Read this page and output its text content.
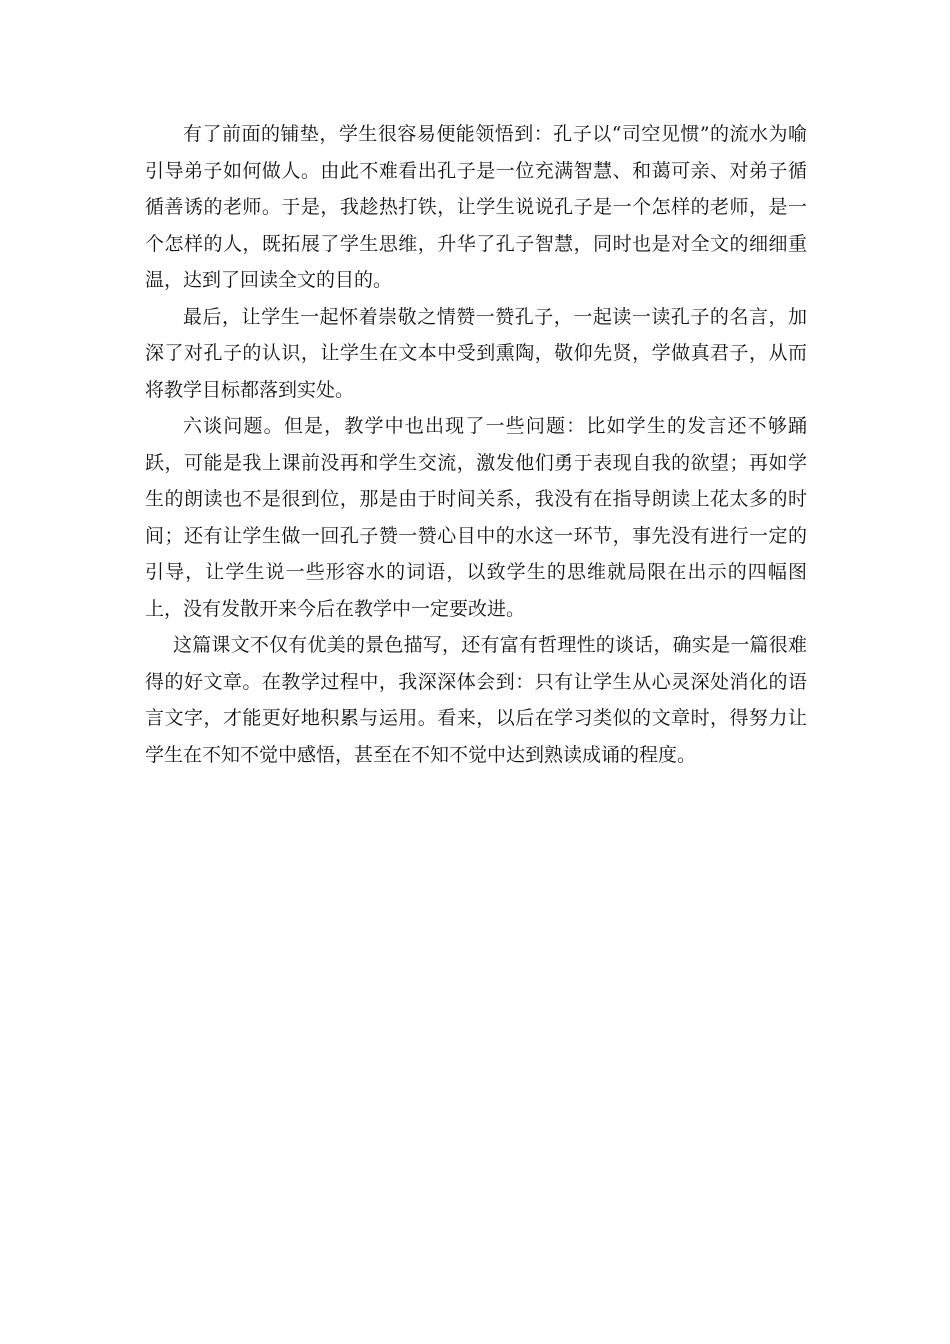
有了前面的铺垫，学生很容易便能领悟到：孔子以“司空见惯”的流水为喻引导弟子如何做人。由此不难看出孔子是一位充满智慧、和蔼可亲、对弟子循循善诱的老师。于是，我趁热打铁，让学生说说孔子是一个怎样的老师，是一个怎样的人，既拓展了学生思维，升华了孔子智慧，同时也是对全文的细细重温，达到了回读全文的目的。

最后，让学生一起怀着崇敬之情赞一赞孔子，一起读一读孔子的名言，加深了对孔子的认识，让学生在文本中受到熏陶，敬仰先贤，学做真君子，从而将教学目标都落到实处。

六谈问题。但是，教学中也出现了一些问题：比如学生的发言还不够踊跃，可能是我上课前没再和学生交流，激发他们勇于表现自我的欲望；再如学生的朗读也不是很到位，那是由于时间关系，我没有在指导朗读上花太多的时间；还有让学生做一回孔子赞一赞心目中的水这一环节，事先没有进行一定的引导，让学生说一些形容水的词语，以致学生的思维就局限在出示的四幅图上，没有发散开来今后在教学中一定要改进。

这篇课文不仅有优美的景色描写，还有富有哲理性的谈话，确实是一篇很难得的好文章。在教学过程中，我深深体会到：只有让学生从心灵深处消化的语言文字，才能更好地积累与运用。看来，以后在学习类似的文章时，得努力让学生在不知不觉中感悟，甚至在不知不觉中达到熟读成诵的程度。
